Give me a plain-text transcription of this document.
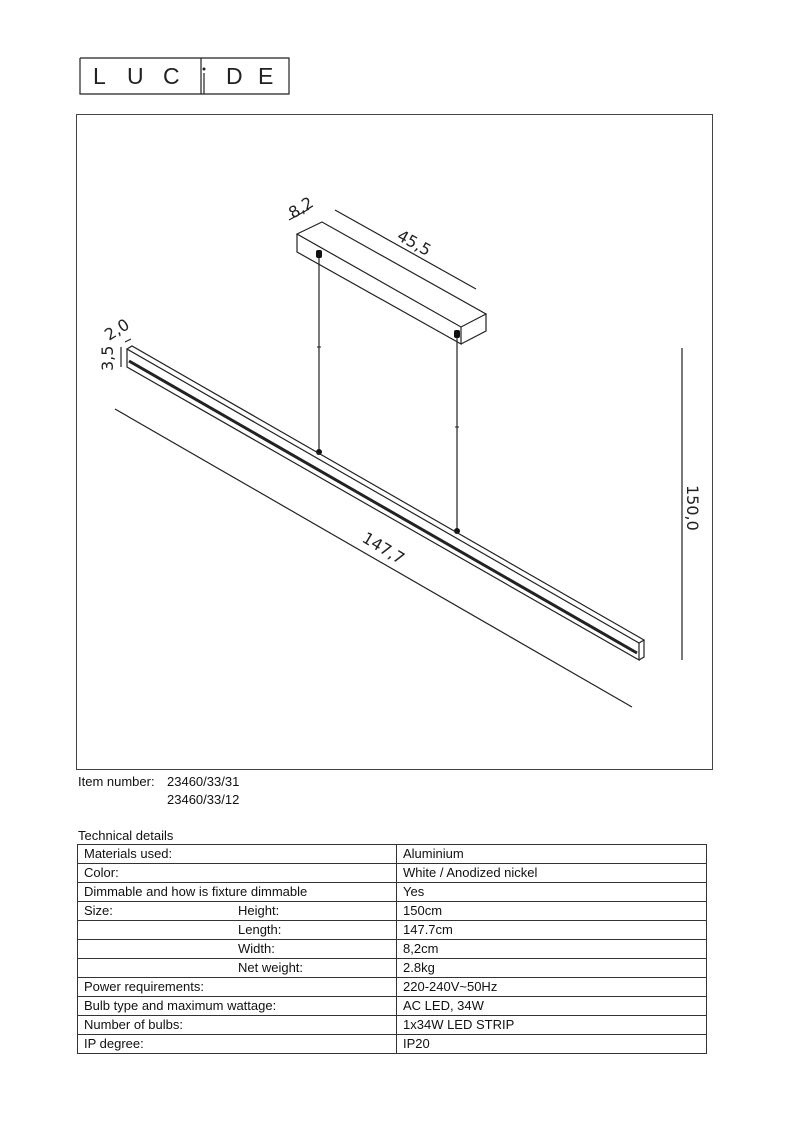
L U C D E
8,2
45,5
2,0
3,5
147,7
150,0
Item number: 23460/33/31
23460/33/12
Technical details
Materials used:		Aluminium
Color:		White / Anodized nickel
Dimmable and how is fixture dimmable		Yes
Size:	Height:	150cm
	Length:	147.7cm
	Width:	8,2cm
	Net weight:	2.8kg
Power requirements:		220-240V~50Hz
Bulb type and maximum wattage:		AC LED, 34W
Number of bulbs:		1x34W LED STRIP
IP degree:		IP20
